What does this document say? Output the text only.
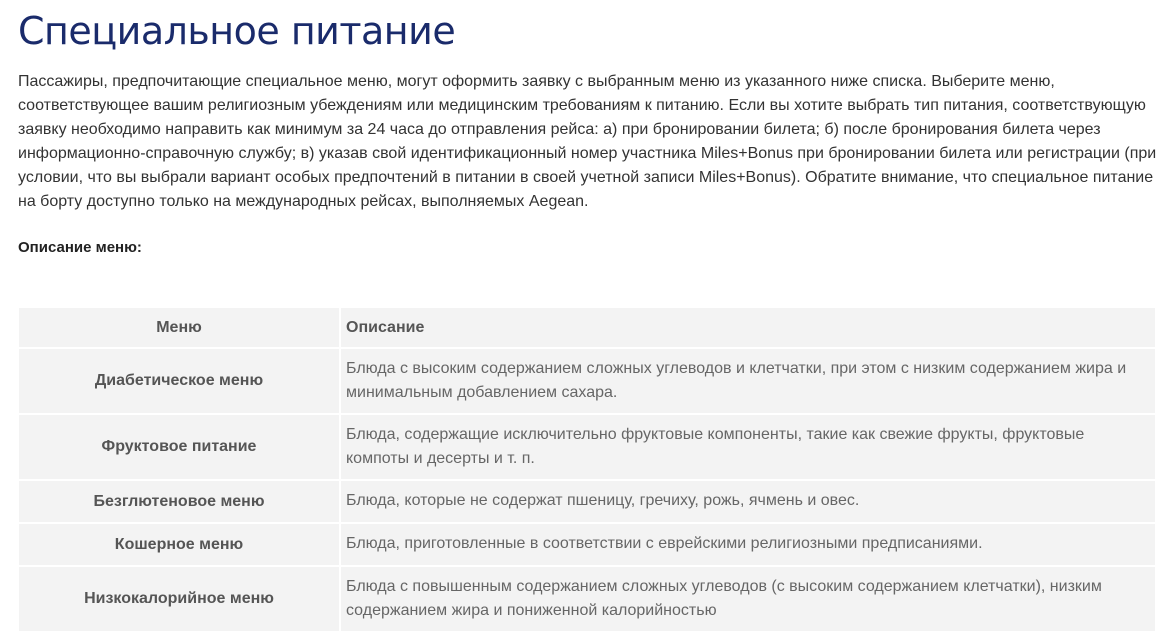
Специальное питание

Пассажиры, предпочитающие специальное меню, могут оформить заявку с выбранным меню из указанного ниже списка. Выберите меню, соответствующее вашим религиозным убеждениям или медицинским требованиям к питанию. Если вы хотите выбрать тип питания, соответствующую заявку необходимо направить как минимум за 24 часа до отправления рейса: а) при бронировании билета; б) после бронирования билета через информационно-справочную службу; в) указав свой идентификационный номер участника Miles+Bonus при бронировании билета или регистрации (при условии, что вы выбрали вариант особых предпочтений в питании в своей учетной записи Miles+Bonus). Обратите внимание, что специальное питание на борту доступно только на международных рейсах, выполняемых Aegean.

Описание меню:

Меню	Описание
Диабетическое меню	Блюда с высоким содержанием сложных углеводов и клетчатки, при этом с низким содержанием жира и минимальным добавлением сахара.
Фруктовое питание	Блюда, содержащие исключительно фруктовые компоненты, такие как свежие фрукты, фруктовые компоты и десерты и т. п.
Безглютеновое меню	Блюда, которые не содержат пшеницу, гречиху, рожь, ячмень и овес.
Кошерное меню	Блюда, приготовленные в соответствии с еврейскими религиозными предписаниями.
Низкокалорийное меню	Блюда с повышенным содержанием сложных углеводов (с высоким содержанием клетчатки), низким содержанием жира и пониженной калорийностью
